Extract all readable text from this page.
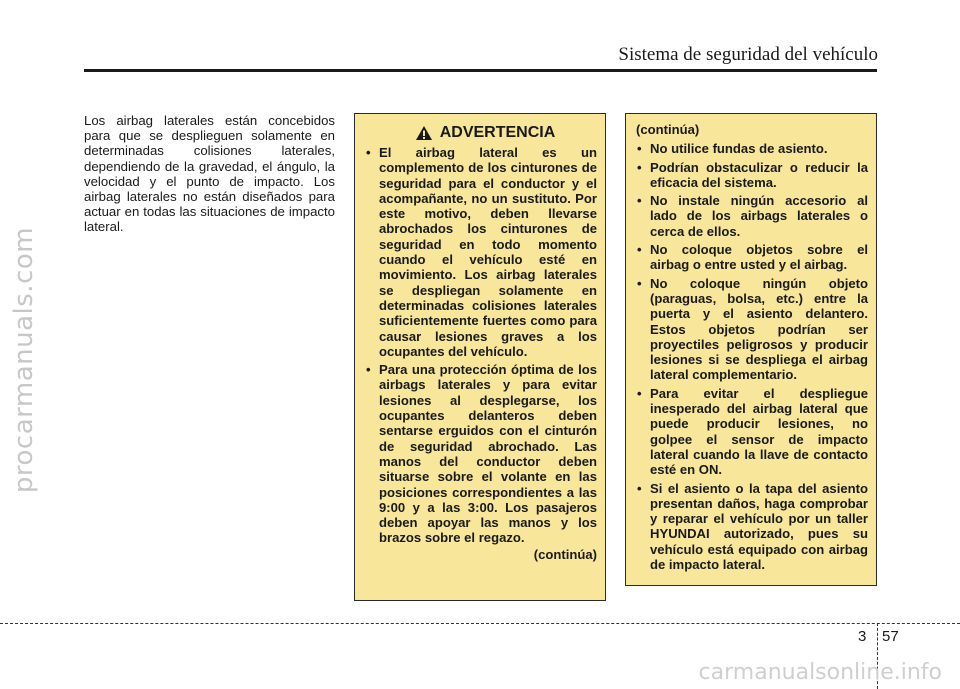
Sistema de seguridad del vehículo
procarmanuals.com

Los airbag laterales están concebidos para que se desplieguen solamente en determinadas colisiones laterales, dependiendo de la gravedad, el ángulo, la velocidad y el punto de impacto. Los airbag laterales no están diseñados para actuar en todas las situaciones de impacto lateral.

ADVERTENCIA
• El airbag lateral es un complemento de los cinturones de seguridad para el conductor y el acompañante, no un sustituto. Por este motivo, deben llevarse abrochados los cinturones de seguridad en todo momento cuando el vehículo esté en movimiento. Los airbag laterales se despliegan solamente en determinadas colisiones laterales suficientemente fuertes como para causar lesiones graves a los ocupantes del vehículo.
• Para una protección óptima de los airbags laterales y para evitar lesiones al desplegarse, los ocupantes delanteros deben sentarse erguidos con el cinturón de seguridad abrochado. Las manos del conductor deben situarse sobre el volante en las posiciones correspondientes a las 9:00 y a las 3:00. Los pasajeros deben apoyar las manos y los brazos sobre el regazo.
(continúa)
(continúa)
• No utilice fundas de asiento.
• Podrían obstaculizar o reducir la eficacia del sistema.
• No instale ningún accesorio al lado de los airbags laterales o cerca de ellos.
• No coloque objetos sobre el airbag o entre usted y el airbag.
• No coloque ningún objeto (paraguas, bolsa, etc.) entre la puerta y el asiento delantero. Estos objetos podrían ser proyectiles peligrosos y producir lesiones si se despliega el airbag lateral complementario.
• Para evitar el despliegue inesperado del airbag lateral que puede producir lesiones, no golpee el sensor de impacto lateral cuando la llave de contacto esté en ON.
• Si el asiento o la tapa del asiento presentan daños, haga comprobar y reparar el vehículo por un taller HYUNDAI autorizado, pues su vehículo está equipado con airbag de impacto lateral.
3	57
carmanualsonline.info
